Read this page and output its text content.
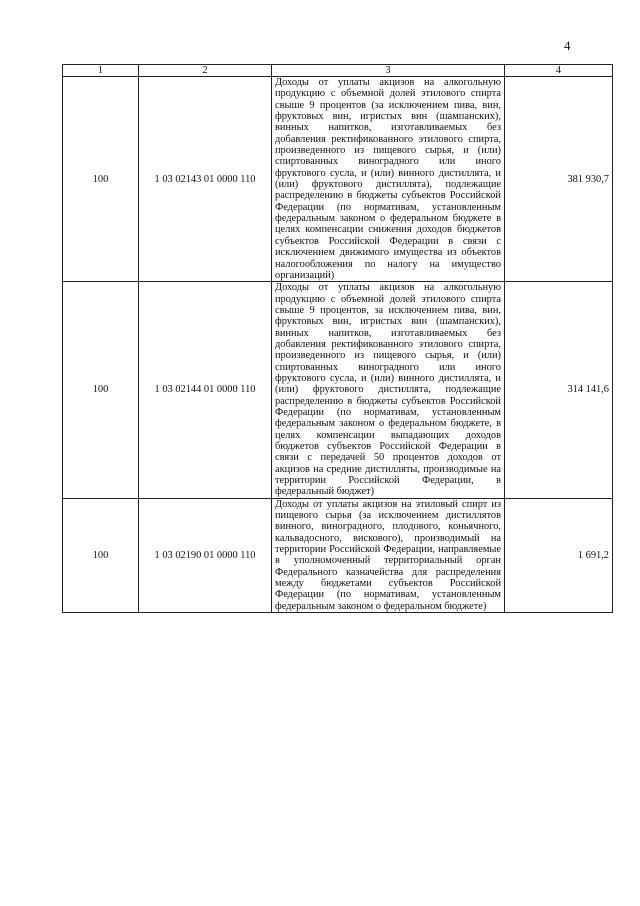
4
1	2	3	4
100	1 03 02143 01 0000 110	Доходы от уплаты акцизов на алкогольную продукцию с объемной долей этилового спирта свыше 9 процентов (за исключением пива, вин, фруктовых вин, игристых вин (шампанских), винных напитков, изготавливаемых без добавления ректификованного этилового спирта, произведенного из пищевого сырья, и (или) спиртованных виноградного или иного фруктового сусла, и (или) винного дистиллята, и (или) фруктового дистиллята), подлежащие распределению в бюджеты субъектов Российской Федерации (по нормативам, установленным федеральным законом о федеральном бюджете в целях компенсации снижения доходов бюджетов субъектов Российской Федерации в связи с исключением движимого имущества из объектов налогообложения по налогу на имущество организаций)	381 930,7
100	1 03 02144 01 0000 110	Доходы от уплаты акцизов на алкогольную продукцию с объемной долей этилового спирта свыше 9 процентов, за исключением пива, вин, фруктовых вин, игристых вин (шампанских), винных напитков, изготавливаемых без добавления ректификованного этилового спирта, произведенного из пищевого сырья, и (или) спиртованных виноградного или иного фруктового сусла, и (или) винного дистиллята, и (или) фруктового дистиллята, подлежащие распределению в бюджеты субъектов Российской Федерации (по нормативам, установленным федеральным законом о федеральном бюджете, в целях компенсации выпадающих доходов бюджетов субъектов Российской Федерации в связи с передачей 50 процентов доходов от акцизов на средние дистилляты, производимые на территории Российской Федерации, в федеральный бюджет)	314 141,6
100	1 03 02190 01 0000 110	Доходы от уплаты акцизов на этиловый спирт из пищевого сырья (за исключением дистиллятов винного, виноградного, плодового, коньячного, кальвадосного, вискового), производимый на территории Российской Федерации, направляемые в уполномоченный территориальный орган Федерального казначейства для распределения между бюджетами субъектов Российской Федерации (по нормативам, установленным федеральным законом о федеральном бюджете)	1 691,2
